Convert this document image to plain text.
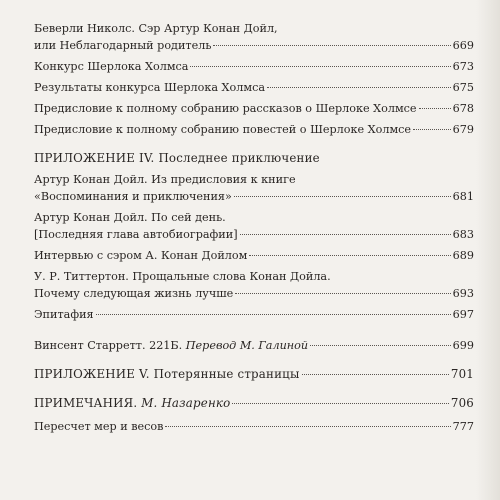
Беверли Николс. Сэр Артур Конан Дойл,
или Неблагодарный родитель	669
Конкурс Шерлока Холмса	673
Результаты конкурса Шерлока Холмса	675
Предисловие к полному собранию рассказов о Шерлоке Холмсе	678
Предисловие к полному собранию повестей о Шерлоке Холмсе	679
ПРИЛОЖЕНИЕ IV. Последнее приключение
Артур Конан Дойл. Из предисловия к книге
«Воспоминания и приключения»	681
Артур Конан Дойл. По сей день.
[Последняя глава автобиографии]	683
Интервью с сэром А. Конан Дойлом	689
У. Р. Титтертон. Прощальные слова Конан Дойла.
Почему следующая жизнь лучше	693
Эпитафия	697
Винсент Старретт. 221Б. Перевод М. Галиной	699
ПРИЛОЖЕНИЕ V. Потерянные страницы	701
ПРИМЕЧАНИЯ. М. Назаренко	706
Пересчет мер и весов	777
